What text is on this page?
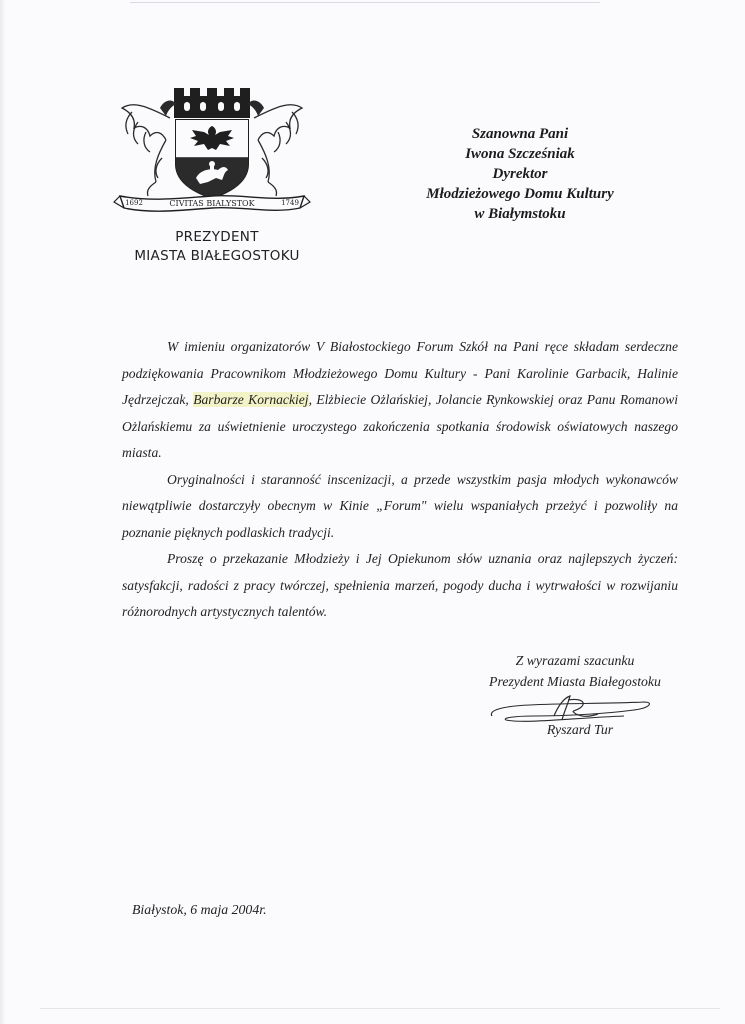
CIVITAS BIALYSTOK
1692	1749
PREZYDENT
MIASTA BIAŁEGOSTOKU
Szanowna Pani
Iwona Szcześniak
Dyrektor
Młodzieżowego Domu Kultury
w Białymstoku

W imieniu organizatorów V Białostockiego Forum Szkół na Pani ręce składam serdeczne podziękowania Pracownikom Młodzieżowego Domu Kultury - Pani Karolinie Garbacik, Halinie Jędrzejczak, Barbarze Kornackiej, Elżbiecie Ożlańskiej, Jolancie Rynkowskiej oraz Panu Romanowi Ożlańskiemu za uświetnienie uroczystego zakończenia spotkania środowisk oświatowych naszego miasta.

Oryginalności i staranność inscenizacji, a przede wszystkim pasja młodych wykonawców niewątpliwie dostarczyły obecnym w Kinie „Forum" wielu wspaniałych przeżyć i pozwoliły na poznanie pięknych podlaskich tradycji.

Proszę o przekazanie Młodzieży i Jej Opiekunom słów uznania oraz najlepszych życzeń: satysfakcji, radości z pracy twórczej, spełnienia marzeń, pogody ducha i wytrwałości w rozwijaniu różnorodnych artystycznych talentów.

Z wyrazami szacunku
Prezydent Miasta Białegostoku
Ryszard Tur
Białystok, 6 maja 2004r.
